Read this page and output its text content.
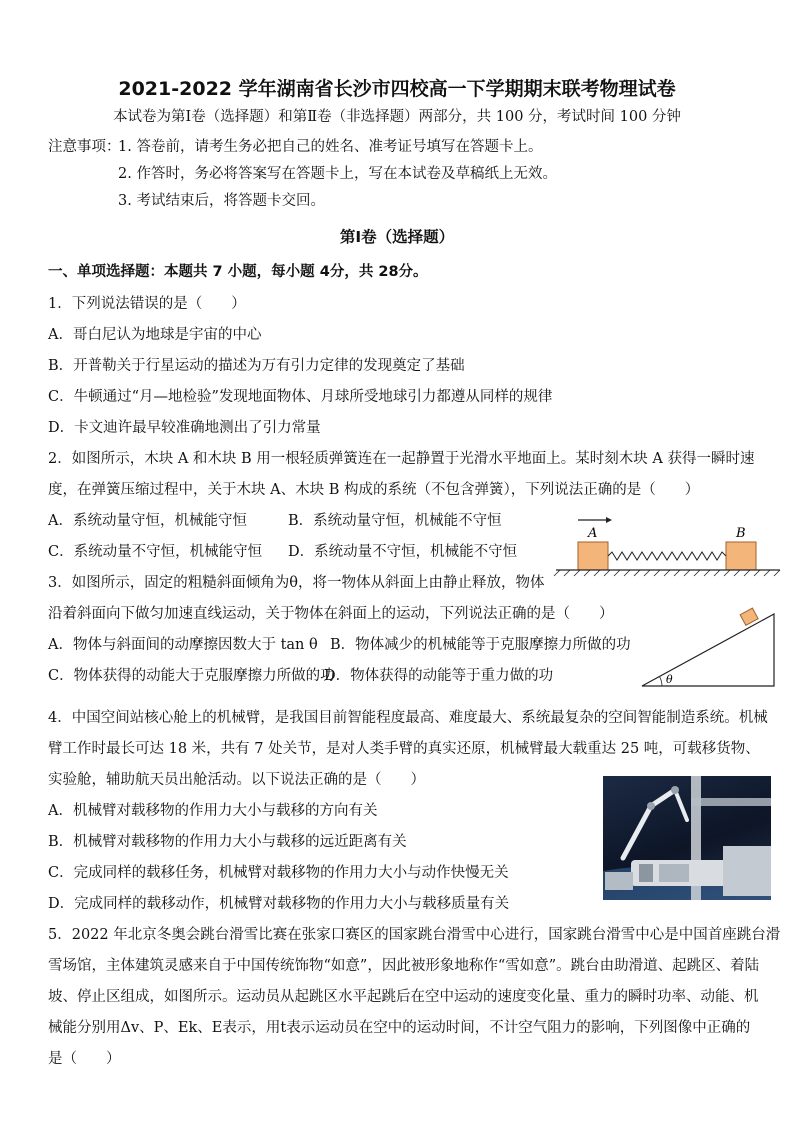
2021-2022 学年湖南省长沙市四校高一下学期期末联考物理试卷
本试卷为第Ⅰ卷（选择题）和第Ⅱ卷（非选择题）两部分，共 100 分，考试时间 100 分钟
注意事项：
1. 答卷前，请考生务必把自己的姓名、准考证号填写在答题卡上。
2. 作答时，务必将答案写在答题卡上，写在本试卷及草稿纸上无效。
3. 考试结束后，将答题卡交回。
第Ⅰ卷（选择题）
一、单项选择题：本题共 7 小题，每小题 4分，共 28分。
1．下列说法错误的是（　　）
A．哥白尼认为地球是宇宙的中心
B．开普勒关于行星运动的描述为万有引力定律的发现奠定了基础
C．牛顿通过“月—地检验”发现地面物体、月球所受地球引力都遵从同样的规律
D．卡文迪许最早较准确地测出了引力常量
2．如图所示，木块 A 和木块 B 用一根轻质弹簧连在一起静置于光滑水平地面上。某时刻木块 A 获得一瞬时速
度，在弹簧压缩过程中，关于木块 A、木块 B 构成的系统（不包含弹簧），下列说法正确的是（　　）
A．系统动量守恒，机械能守恒	B．系统动量守恒，机械能不守恒
C．系统动量不守恒，机械能守恒 D．系统动量不守恒，机械能不守恒
A	B
3．如图所示，固定的粗糙斜面倾角为θ，将一物体从斜面上由静止释放，物体
沿着斜面向下做匀加速直线运动，关于物体在斜面上的运动，下列说法正确的是（　　）
A．物体与斜面间的动摩擦因数大于 tan θ B．物体减少的机械能等于克服摩擦力所做的功
C．物体获得的动能大于克服摩擦力所做的功
D．物体获得的动能等于重力做的功	θ
4．中国空间站核心舱上的机械臂，是我国目前智能程度最高、难度最大、系统最复杂的空间智能制造系统。机械
臂工作时最长可达 18 米，共有 7 处关节，是对人类手臂的真实还原，机械臂最大载重达 25 吨，可载移货物、
实验舱，辅助航天员出舱活动。以下说法正确的是（　　）
A．机械臂对载移物的作用力大小与载移的方向有关
B．机械臂对载移物的作用力大小与载移的远近距离有关
C．完成同样的载移任务，机械臂对载移物的作用力大小与动作快慢无关
D．完成同样的载移动作，机械臂对载移物的作用力大小与载移质量有关
5．2022 年北京冬奥会跳台滑雪比赛在张家口赛区的国家跳台滑雪中心进行，国家跳台滑雪中心是中国首座跳台滑
雪场馆，主体建筑灵感来自于中国传统饰物“如意”，因此被形象地称作“雪如意”。跳台由助滑道、起跳区、着陆
坡、停止区组成，如图所示。运动员从起跳区水平起跳后在空中运动的速度变化量、重力的瞬时功率、动能、机
械能分别用Δv、P、Ek、E表示，用t表示运动员在空中的运动时间，不计空气阻力的影响，下列图像中正确的
是（　　）
